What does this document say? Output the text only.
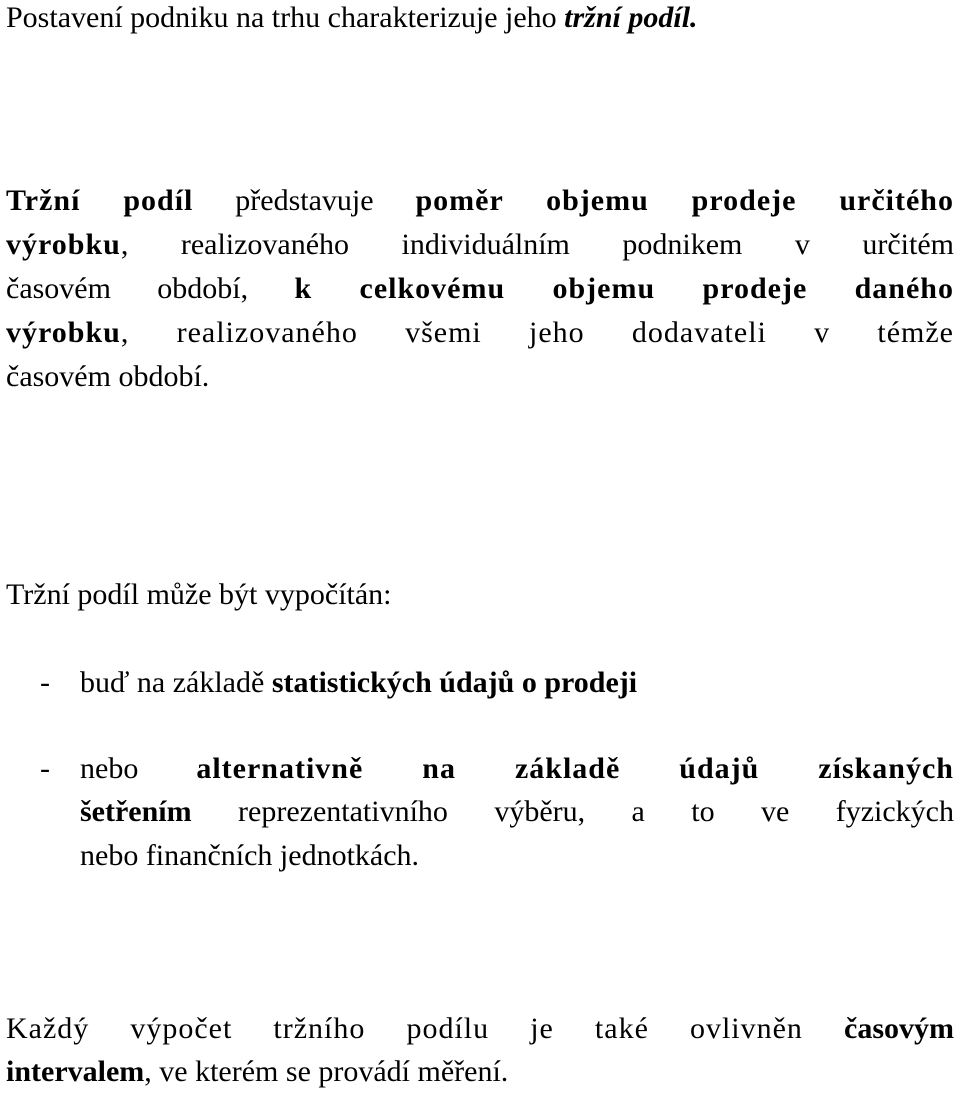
Postavení podniku na trhu charakterizuje jeho tržní podíl.
Tržní podíl představuje poměr objemu prodeje určitého
výrobku, realizovaného individuálním podnikem v určitém
časovém období, k celkovému objemu prodeje daného
výrobku, realizovaného všemi jeho dodavateli v témže
časovém období.
Tržní podíl může být vypočítán:
- buď na základě statistických údajů o prodeji
- nebo alternativně na základě údajů získaných
šetřením reprezentativního výběru, a to ve fyzických
nebo finančních jednotkách.
Každý výpočet tržního podílu je také ovlivněn časovým
intervalem, ve kterém se provádí měření.
